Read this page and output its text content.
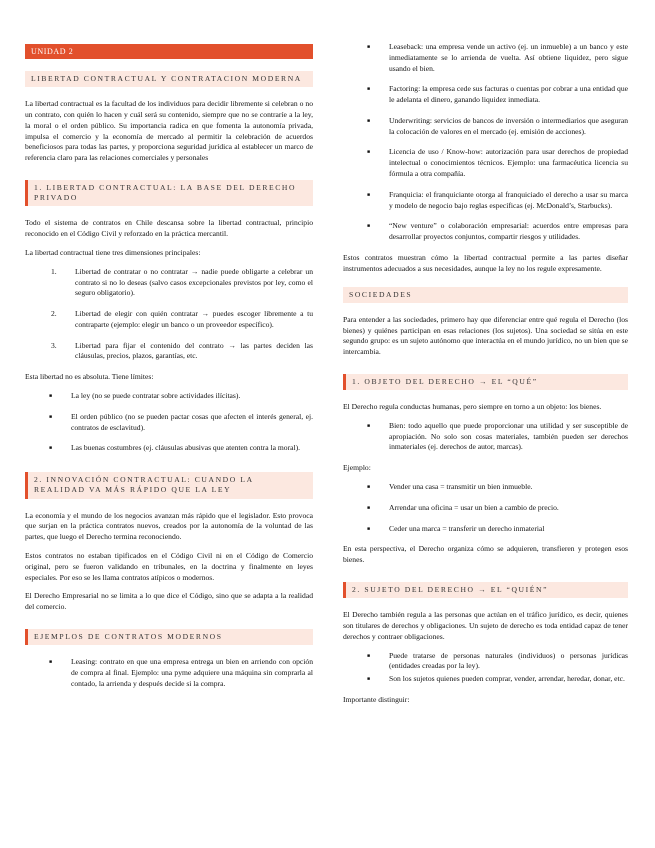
UNIDAD 2
LIBERTAD CONTRACTUAL Y CONTRATACION MODERNA

La libertad contractual es la facultad de los individuos para decidir libremente si celebran o no un contrato, con quién lo hacen y cuál será su contenido, siempre que no se contraríe a la ley, la moral o el orden público. Su importancia radica en que fomenta la autonomía privada, impulsa el comercio y la economía de mercado al permitir la celebración de acuerdos beneficiosos para todas las partes, y proporciona seguridad jurídica al establecer un marco de referencia claro para las relaciones comerciales y personales

1. LIBERTAD CONTRACTUAL: LA BASE DEL DERECHO PRIVADO

Todo el sistema de contratos en Chile descansa sobre la libertad contractual, principio reconocido en el Código Civil y reforzado en la práctica mercantil.

La libertad contractual tiene tres dimensiones principales:

1. Libertad de contratar o no contratar → nadie puede obligarte a celebrar un contrato si no lo deseas (salvo casos excepcionales previstos por ley, como el seguro obligatorio).
2. Libertad de elegir con quién contratar → puedes escoger libremente a tu contraparte (ejemplo: elegir un banco o un proveedor específico).
3. Libertad para fijar el contenido del contrato → las partes deciden las cláusulas, precios, plazos, garantías, etc.

Esta libertad no es absoluta. Tiene límites:

■ La ley (no se puede contratar sobre actividades ilícitas).
■ El orden público (no se pueden pactar cosas que afecten el interés general, ej. contratos de esclavitud).
■ Las buenas costumbres (ej. cláusulas abusivas que atenten contra la moral).
2. INNOVACIÓN CONTRACTUAL: CUANDO LA REALIDAD VA MÁS RÁPIDO QUE LA LEY

La economía y el mundo de los negocios avanzan más rápido que el legislador. Esto provoca que surjan en la práctica contratos nuevos, creados por la autonomía de la voluntad de las partes, que luego el Derecho termina reconociendo.

Estos contratos no estaban tipificados en el Código Civil ni en el Código de Comercio original, pero se fueron validando en tribunales, en la doctrina y finalmente en leyes especiales. Por eso se les llama contratos atípicos o modernos.

El Derecho Empresarial no se limita a lo que dice el Código, sino que se adapta a la realidad del comercio.

EJEMPLOS DE CONTRATOS MODERNOS
■ Leasing: contrato en que una empresa entrega un bien en arriendo con opción de compra al final. Ejemplo: una pyme adquiere una máquina sin comprarla al contado, la arrienda y después decide si la compra.
■ Leaseback: una empresa vende un activo (ej. un inmueble) a un banco y este inmediatamente se lo arrienda de vuelta. Así obtiene liquidez, pero sigue usando el bien.
■ Factoring: la empresa cede sus facturas o cuentas por cobrar a una entidad que le adelanta el dinero, ganando liquidez inmediata.
■ Underwriting: servicios de bancos de inversión o intermediarios que aseguran la colocación de valores en el mercado (ej. emisión de acciones).
■ Licencia de uso / Know-how: autorización para usar derechos de propiedad intelectual o conocimientos técnicos. Ejemplo: una farmacéutica licencia su fórmula a otra compañía.
■ Franquicia: el franquiciante otorga al franquiciado el derecho a usar su marca y modelo de negocio bajo reglas específicas (ej. McDonald’s, Starbucks).
■ “New venture” o colaboración empresarial: acuerdos entre empresas para desarrollar proyectos conjuntos, compartir riesgos y utilidades.

Estos contratos muestran cómo la libertad contractual permite a las partes diseñar instrumentos adecuados a sus necesidades, aunque la ley no los regule expresamente.

SOCIEDADES

Para entender a las sociedades, primero hay que diferenciar entre qué regula el Derecho (los bienes) y quiénes participan en esas relaciones (los sujetos). Una sociedad se sitúa en este segundo grupo: es un sujeto autónomo que interactúa en el mundo jurídico, no un bien que se intercambia.

1. OBJETO DEL DERECHO → EL “QUÉ”

El Derecho regula conductas humanas, pero siempre en torno a un objeto: los bienes.

■ Bien: todo aquello que puede proporcionar una utilidad y ser susceptible de apropiación. No solo son cosas materiales, también pueden ser derechos inmateriales (ej. derechos de autor, marcas).

Ejemplo:

■ Vender una casa = transmitir un bien inmueble.
■ Arrendar una oficina = usar un bien a cambio de precio.
■ Ceder una marca = transferir un derecho inmaterial

En esta perspectiva, el Derecho organiza cómo se adquieren, transfieren y protegen esos bienes.

2. SUJETO DEL DERECHO → EL “QUIÉN”

El Derecho también regula a las personas que actúan en el tráfico jurídico, es decir, quienes son titulares de derechos y obligaciones. Un sujeto de derecho es toda entidad capaz de tener derechos y contraer obligaciones.

■ Puede tratarse de personas naturales (individuos) o personas jurídicas (entidades creadas por la ley).
■ Son los sujetos quienes pueden comprar, vender, arrendar, heredar, donar, etc.

Importante distinguir:
